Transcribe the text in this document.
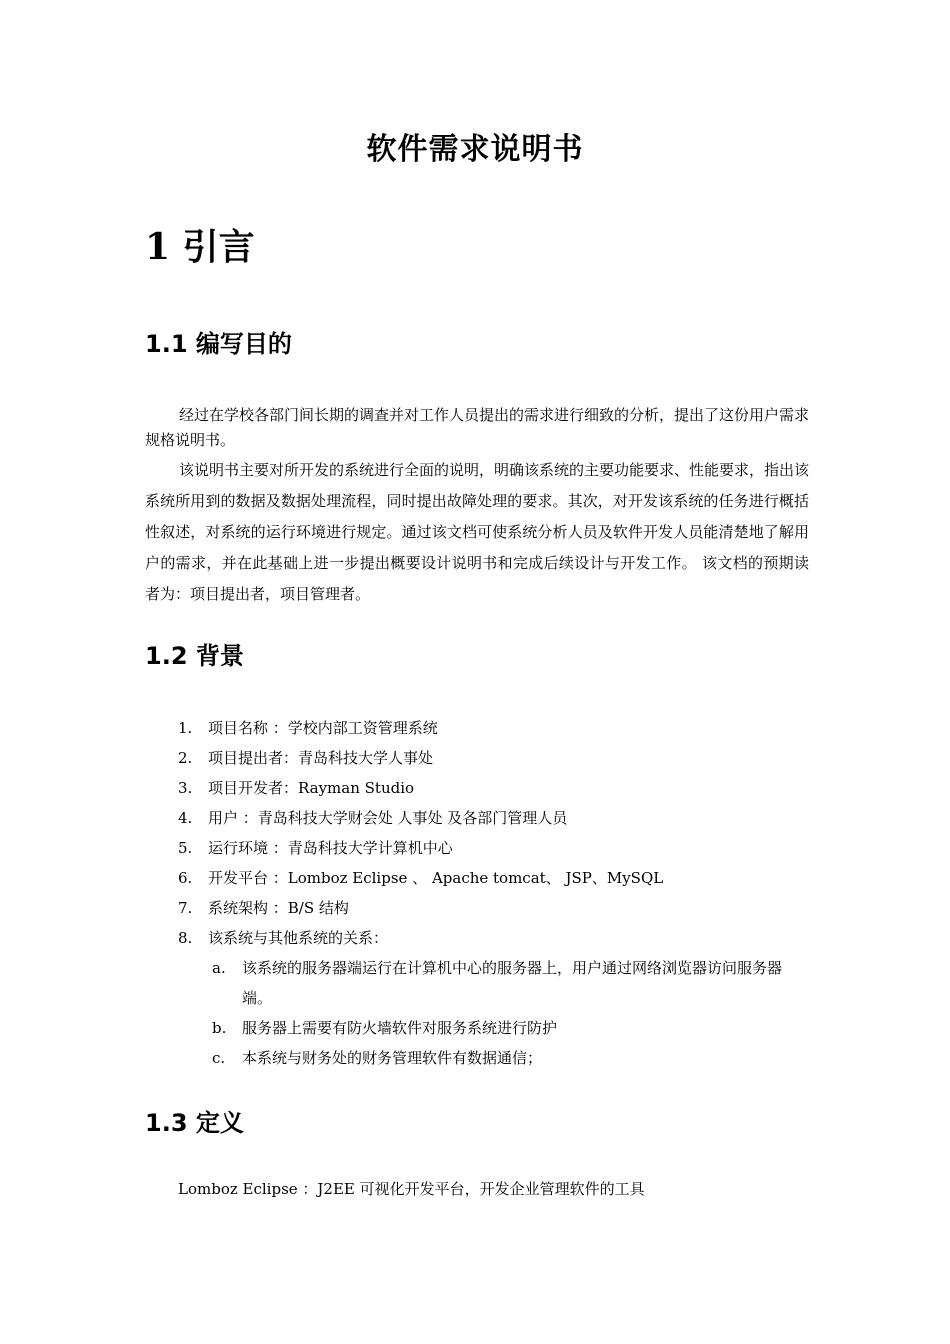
软件需求说明书
1 引言
1.1 编写目的

经过在学校各部门间长期的调查并对工作人员提出的需求进行细致的分析，提出了这份用户需求规格说明书。

该说明书主要对所开发的系统进行全面的说明，明确该系统的主要功能要求、性能要求，指出该系统所用到的数据及数据处理流程，同时提出故障处理的要求。其次，对开发该系统的任务进行概括性叙述，对系统的运行环境进行规定。通过该文档可使系统分析人员及软件开发人员能清楚地了解用户的需求，并在此基础上进一步提出概要设计说明书和完成后续设计与开发工作。 该文档的预期读者为：项目提出者，项目管理者。

1.2 背景
1. 项目名称 ：学校内部工资管理系统
2. 项目提出者：青岛科技大学人事处
3. 项目开发者：Rayman Studio
4. 用户 ：青岛科技大学财会处 人事处 及各部门管理人员
5. 运行环境 ：青岛科技大学计算机中心
6. 开发平台 ：Lomboz Eclipse 、 Apache tomcat、 JSP、MySQL
7. 系统架构 ：B/S 结构
8. 该系统与其他系统的关系：
a. 该系统的服务器端运行在计算机中心的服务器上，用户通过网络浏览器访问服务器端。
b. 服务器上需要有防火墙软件对服务系统进行防护
c. 本系统与财务处的财务管理软件有数据通信；
1.3 定义
Lomboz Eclipse ：J2EE 可视化开发平台，开发企业管理软件的工具
